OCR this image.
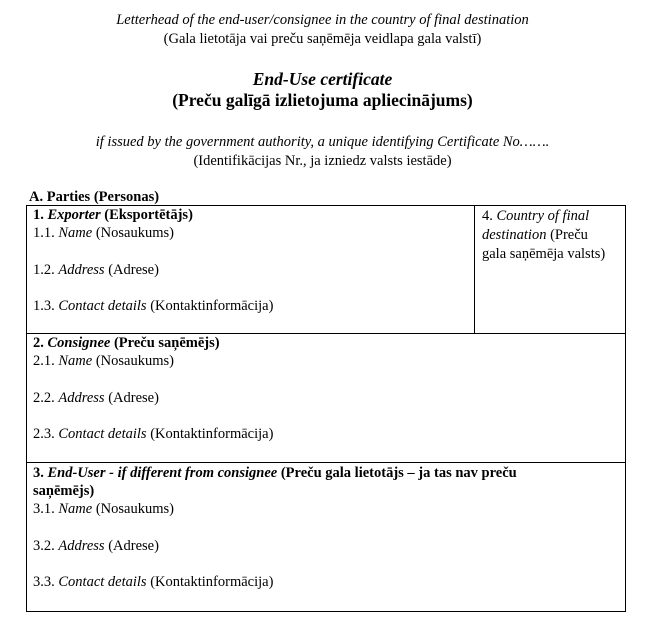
Letterhead of the end-user/consignee in the country of final destination
(Gala lietotāja vai preču saņēmēja veidlapa gala valstī)
End-Use certificate
(Preču galīgā izlietojuma apliecinājums)
if issued by the government authority, a unique identifying Certificate No…….
(Identifikācijas Nr., ja izniedz valsts iestāde)
A. Parties (Personas)
1. Exporter (Eksportētājs)
1.1. Name (Nosaukums)
1.2. Address (Adrese)
1.3. Contact details (Kontaktinformācija)
4. Country of final
destination (Preču
gala saņēmēja valsts)
2. Consignee (Preču saņēmējs)
2.1. Name (Nosaukums)
2.2. Address (Adrese)
2.3. Contact details (Kontaktinformācija)
3. End-User - if different from consignee (Preču gala lietotājs – ja tas nav preču
saņēmējs)
3.1. Name (Nosaukums)
3.2. Address (Adrese)
3.3. Contact details (Kontaktinformācija)
